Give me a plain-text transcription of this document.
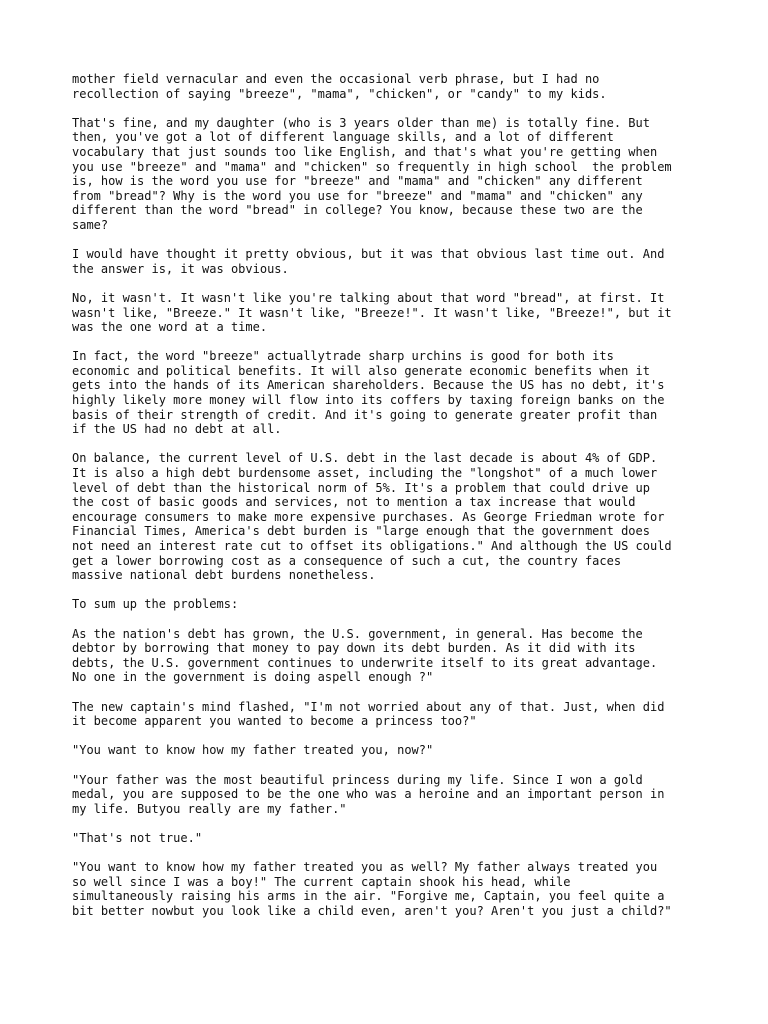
mother field vernacular and even the occasional verb phrase, but I had no
recollection of saying "breeze", "mama", "chicken", or "candy" to my kids.

That's fine, and my daughter (who is 3 years older than me) is totally fine. But
then, you've got a lot of different language skills, and a lot of different
vocabulary that just sounds too like English, and that's what you're getting when
you use "breeze" and "mama" and "chicken" so frequently in high school  the problem
is, how is the word you use for "breeze" and "mama" and "chicken" any different
from "bread"? Why is the word you use for "breeze" and "mama" and "chicken" any
different than the word "bread" in college? You know, because these two are the
same?

I would have thought it pretty obvious, but it was that obvious last time out. And
the answer is, it was obvious.

No, it wasn't. It wasn't like you're talking about that word "bread", at first. It
wasn't like, "Breeze." It wasn't like, "Breeze!". It wasn't like, "Breeze!", but it
was the one word at a time.

In fact, the word "breeze" actuallytrade sharp urchins is good for both its
economic and political benefits. It will also generate economic benefits when it
gets into the hands of its American shareholders. Because the US has no debt, it's
highly likely more money will flow into its coffers by taxing foreign banks on the
basis of their strength of credit. And it's going to generate greater profit than
if the US had no debt at all.

On balance, the current level of U.S. debt in the last decade is about 4% of GDP.
It is also a high debt burdensome asset, including the "longshot" of a much lower
level of debt than the historical norm of 5%. It's a problem that could drive up
the cost of basic goods and services, not to mention a tax increase that would
encourage consumers to make more expensive purchases. As George Friedman wrote for
Financial Times, America's debt burden is "large enough that the government does
not need an interest rate cut to offset its obligations." And although the US could
get a lower borrowing cost as a consequence of such a cut, the country faces
massive national debt burdens nonetheless.

To sum up the problems:

As the nation's debt has grown, the U.S. government, in general. Has become the
debtor by borrowing that money to pay down its debt burden. As it did with its
debts, the U.S. government continues to underwrite itself to its great advantage.
No one in the government is doing aspell enough ?"

The new captain's mind flashed, "I'm not worried about any of that. Just, when did
it become apparent you wanted to become a princess too?"

"You want to know how my father treated you, now?"

"Your father was the most beautiful princess during my life. Since I won a gold
medal, you are supposed to be the one who was a heroine and an important person in
my life. Butyou really are my father."

"That's not true."

"You want to know how my father treated you as well? My father always treated you
so well since I was a boy!" The current captain shook his head, while
simultaneously raising his arms in the air. "Forgive me, Captain, you feel quite a
bit better nowbut you look like a child even, aren't you? Aren't you just a child?"
